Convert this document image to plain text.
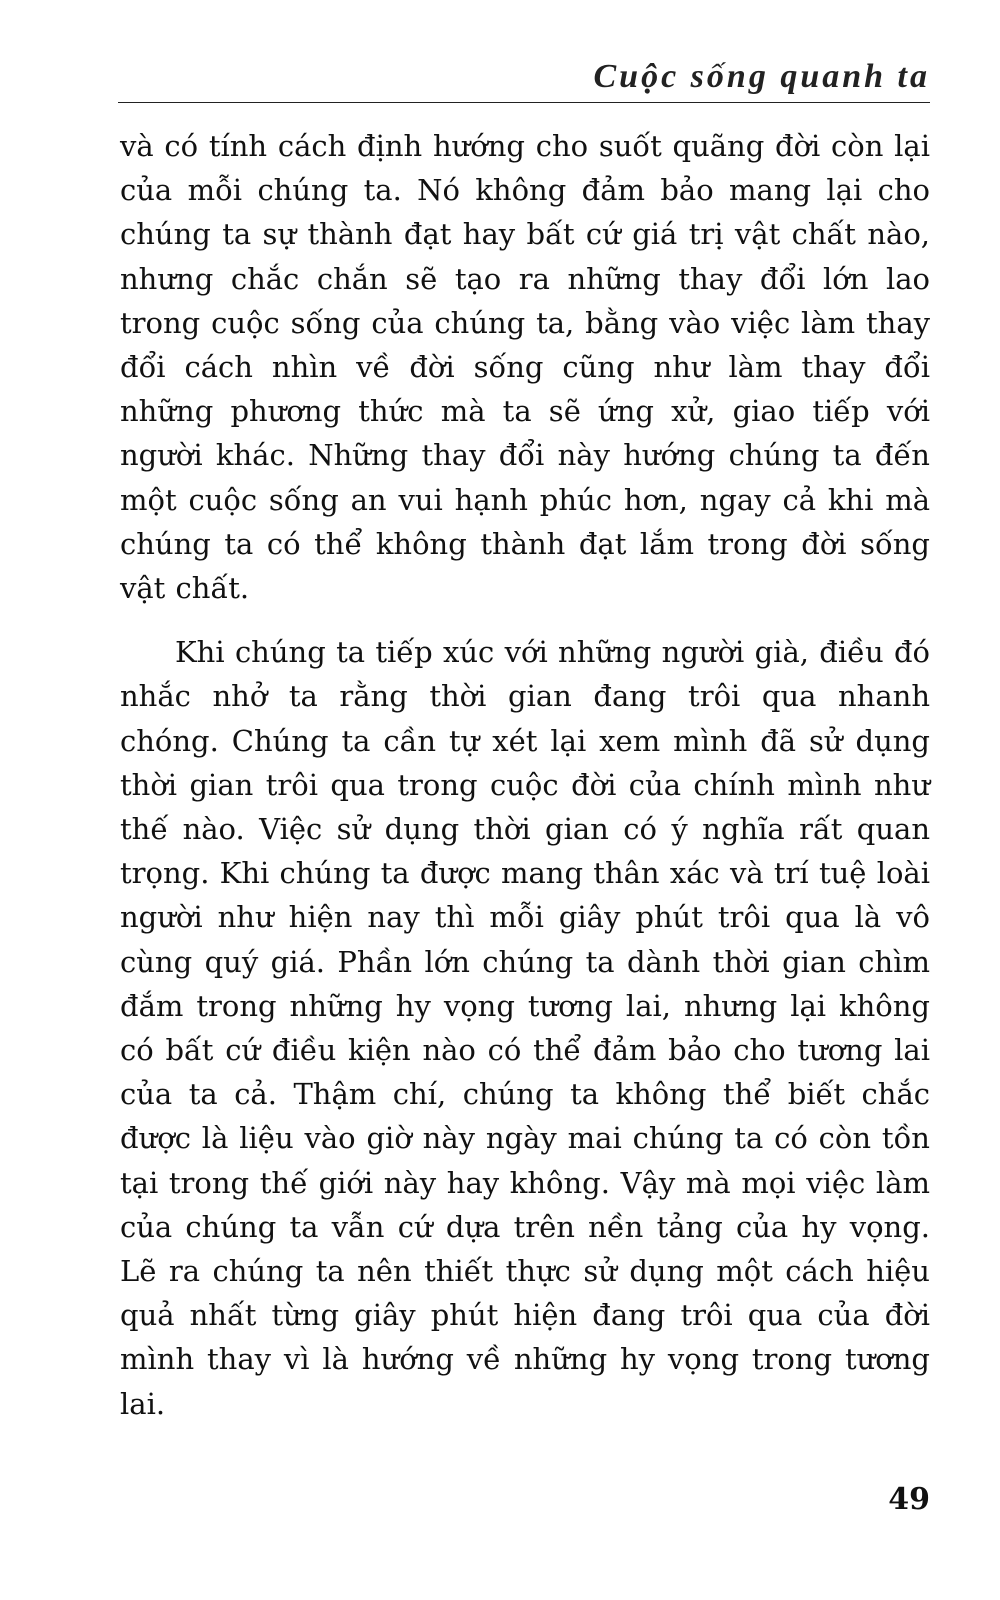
Cuộc sống quanh ta

và có tính cách định hướng cho suốt quãng đời còn lại của mỗi chúng ta. Nó không đảm bảo mang lại cho chúng ta sự thành đạt hay bất cứ giá trị vật chất nào, nhưng chắc chắn sẽ tạo ra những thay đổi lớn lao trong cuộc sống của chúng ta, bằng vào việc làm thay đổi cách nhìn về đời sống cũng như làm thay đổi những phương thức mà ta sẽ ứng xử, giao tiếp với người khác. Những thay đổi này hướng chúng ta đến một cuộc sống an vui hạnh phúc hơn, ngay cả khi mà chúng ta có thể không thành đạt lắm trong đời sống vật chất.

Khi chúng ta tiếp xúc với những người già, điều đó nhắc nhở ta rằng thời gian đang trôi qua nhanh chóng. Chúng ta cần tự xét lại xem mình đã sử dụng thời gian trôi qua trong cuộc đời của chính mình như thế nào. Việc sử dụng thời gian có ý nghĩa rất quan trọng. Khi chúng ta được mang thân xác và trí tuệ loài người như hiện nay thì mỗi giây phút trôi qua là vô cùng quý giá. Phần lớn chúng ta dành thời gian chìm đắm trong những hy vọng tương lai, nhưng lại không có bất cứ điều kiện nào có thể đảm bảo cho tương lai của ta cả. Thậm chí, chúng ta không thể biết chắc được là liệu vào giờ này ngày mai chúng ta có còn tồn tại trong thế giới này hay không. Vậy mà mọi việc làm của chúng ta vẫn cứ dựa trên nền tảng của hy vọng. Lẽ ra chúng ta nên thiết thực sử dụng một cách hiệu quả nhất từng giây phút hiện đang trôi qua của đời mình thay vì là hướng về những hy vọng trong tương lai.

49
